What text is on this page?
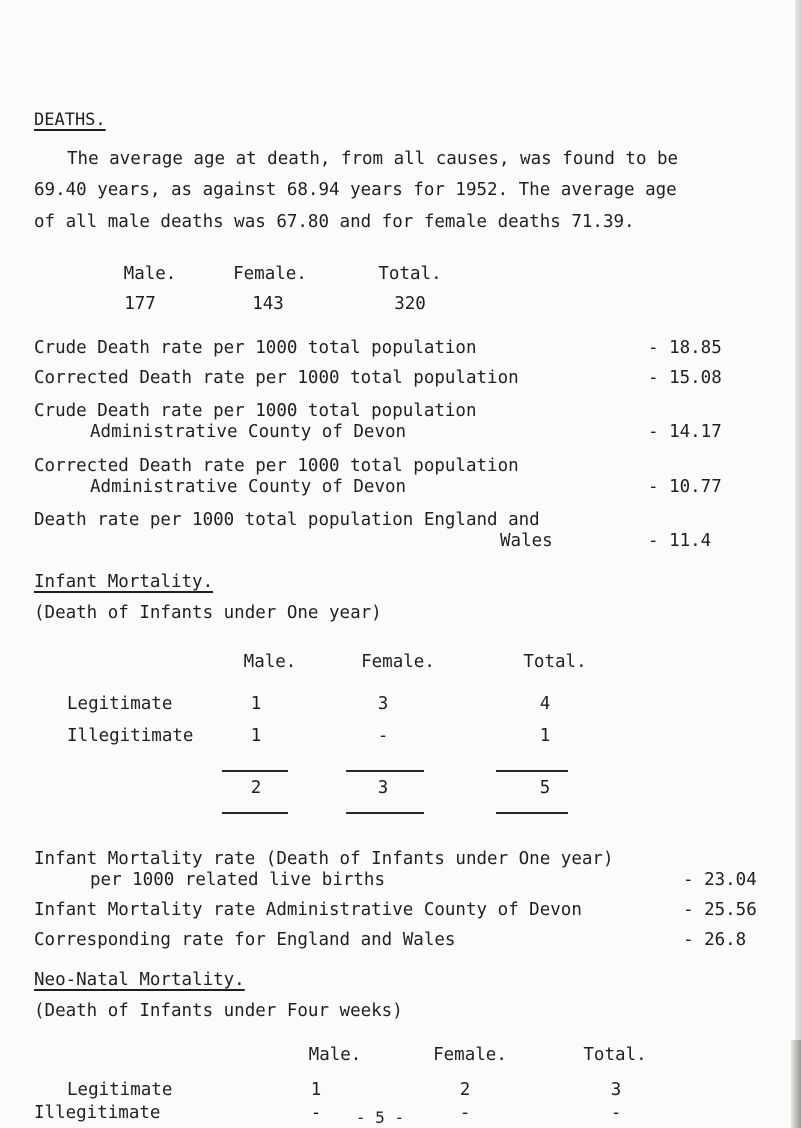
DEATHS.
The average age at death, from all causes, was found to be
69.40 years, as against 68.94 years for 1952. The average age
of all male deaths was 67.80 and for female deaths 71.39.
Male.	Female.	Total.
177	143	320
Crude Death rate per 1000 total population	- 18.85
Corrected Death rate per 1000 total population	- 15.08
Crude Death rate per 1000 total population
Administrative County of Devon	- 14.17
Corrected Death rate per 1000 total population
Administrative County of Devon	- 10.77
Death rate per 1000 total population England and
Wales	- 11.4
Infant Mortality.
(Death of Infants under One year)
Male.	Female.	Total.
Legitimate	1	3	4
Illegitimate	1	-	1
2	3	5
Infant Mortality rate (Death of Infants under One year)
per 1000 related live births	- 23.04
Infant Mortality rate Administrative County of Devon	- 25.56
Corresponding rate for England and Wales	- 26.8
Neo-Natal Mortality.
(Death of Infants under Four weeks)
Male.	Female.	Total.
Legitimate	1	2	3
Illegitimate	-	-	-
- 5 -
